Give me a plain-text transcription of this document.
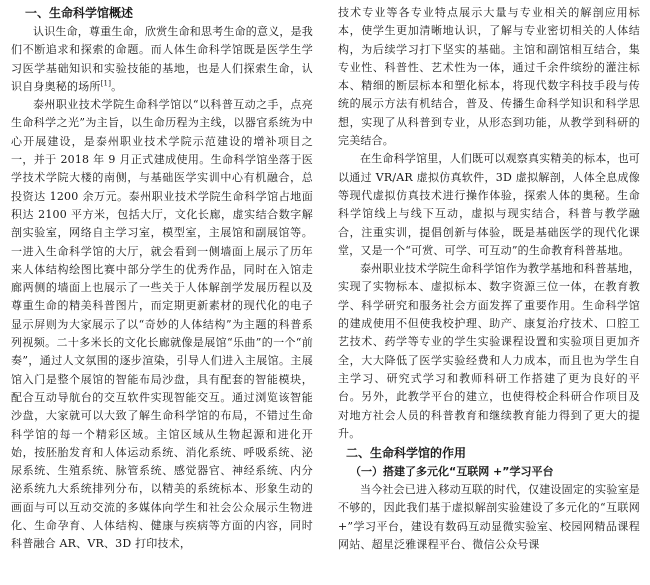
一、生命科学馆概述

认识生命，尊重生命，欣赏生命和思考生命的意义，是我们不断追求和探索的命题。而人体生命科学馆既是医学生学习医学基础知识和实验技能的基地，也是人们探索生命，认识自身奥秘的场所[1]。

泰州职业技术学院生命科学馆以“以科普互动之手，点亮生命科学之光”为主旨，以生命历程为主线，以器官系统为中心开展建设，是泰州职业技术学院示范建设的增补项目之一，并于 2018 年 9 月正式建成使用。生命科学馆坐落于医学技术学院大楼的南侧，与基础医学实训中心有机融合，总投资达 1200 余万元。泰州职业技术学院生命科学馆占地面积达 2100 平方米，包括大厅，文化长廊，虚实结合数字解剖实验室，网络自主学习室，模型室，主展馆和副展馆等。一进入生命科学馆的大厅，就会看到一侧墙面上展示了历年来人体结构绘图比赛中部分学生的优秀作品，同时在入馆走廊两侧的墙面上也展示了一些关于人体解剖学发展历程以及尊重生命的精美科普图片，而定期更新素材的现代化的电子显示屏则为大家展示了以“奇妙的人体结构”为主题的科普系列视频。二十多米长的文化长廊就像是展馆“乐曲”的一个“前奏”，通过人文氛围的逐步渲染，引导人们进入主展馆。主展馆入门是整个展馆的智能布局沙盘，具有配套的智能模块，配合互动导航台的交互软件实现智能交互。通过浏览该智能沙盘，大家就可以大致了解生命科学馆的布局，不错过生命科学馆的每一个精彩区域。主馆区域从生物起源和进化开始，按胚胎发育和人体运动系统、消化系统、呼吸系统、泌尿系统、生殖系统、脉管系统、感觉器官、神经系统、内分泌系统九大系统排列分布，以精美的系统标本、形象生动的画面与可以互动交流的多媒体向学生和社会公众展示生物进化、生命孕育、人体结构、健康与疾病等方面的内容，同时科普融合 AR、VR、3D 打印技术，

技术专业等各专业特点展示大量与专业相关的解剖应用标本，使学生更加清晰地认识，了解与专业密切相关的人体结构，为后续学习打下坚实的基础。主馆和副馆相互结合，集专业性、科普性、艺术性为一体，通过千余件缤纷的灌注标本、精细的断层标本和塑化标本，将现代数字科技手段与传统的展示方法有机结合，普及、传播生命科学知识和科学思想，实现了从科普到专业，从形态到功能，从教学到科研的完美结合。

在生命科学馆里，人们既可以观察真实精美的标本，也可以通过 VR/AR 虚拟仿真软件，3D 虚拟解剖，人体全息成像等现代虚拟仿真技术进行操作体验，探索人体的奥秘。生命科学馆线上与线下互动，虚拟与现实结合，科普与教学融合，注重实训，提倡创新与体验，既是基础医学的现代化课堂，又是一个“可赏、可学、可互动”的生命教育科普基地。

泰州职业技术学院生命科学馆作为教学基地和科普基地，实现了实物标本、虚拟标本、数字资源三位一体，在教育教学、科学研究和服务社会方面发挥了重要作用。生命科学馆的建成使用不但使我校护理、助产、康复治疗技术、口腔工艺技术、药学等专业的学生实验课程设置和实验项目更加齐全，大大降低了医学实验经费和人力成本，而且也为学生自主学习、研究式学习和教师科研工作搭建了更为良好的平台。另外，此教学平台的建立，也使得校企科研合作项目及对地方社会人员的科普教育和继续教育能力得到了更大的提升。

二、生命科学馆的作用
（一）搭建了多元化“互联网 +”学习平台

当今社会已进入移动互联的时代，仅建设固定的实验室是不够的，因此我们基于虚拟解剖实验建设了多元化的“互联网 +”学习平台，建设有数码互动显微实验室、校园网精品课程网站、超星泛雅课程平台、微信公众号课
